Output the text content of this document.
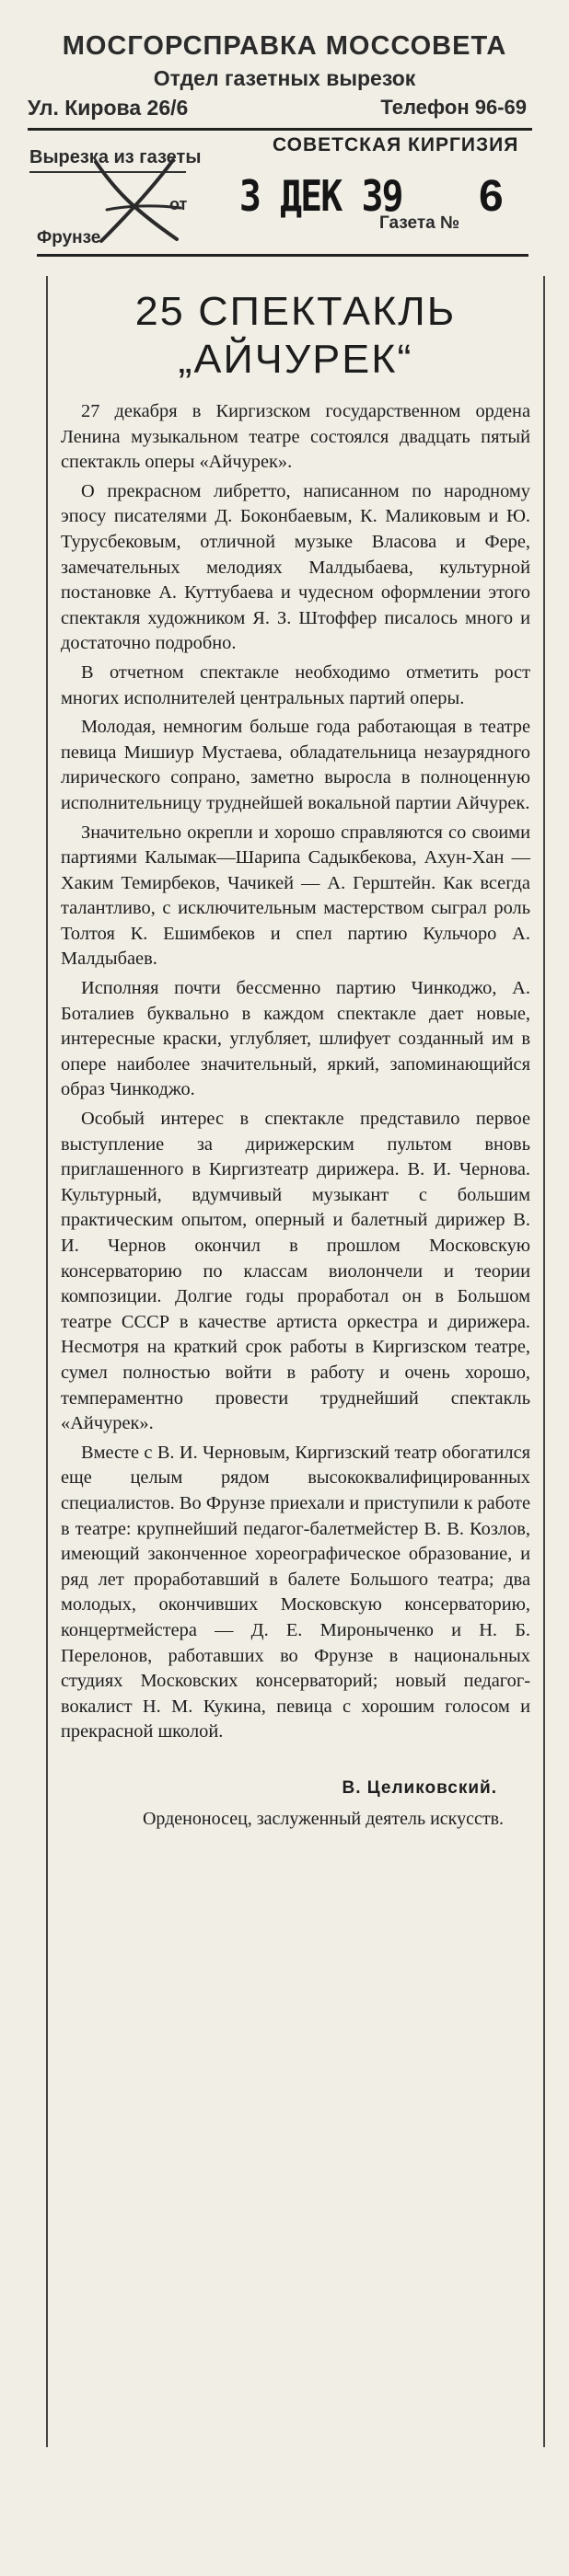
МОСГОРСПРАВКА МОССОВЕТА
Отдел газетных вырезок
Ул. Кирова 26/6	Телефон 96-69
Вырезка из газеты
СОВЕТСКАЯ КИРГИЗИЯ
от 3 ДЕК 39 6
Фрунзе
Газета №
25 СПЕКТАКЛЬ
„АЙЧУРЕК“

27 декабря в Киргизском государственном ордена Ленина музыкальном театре состоялся двадцать пятый спектакль оперы «Айчурек».

О прекрасном либретто, написанном по народному эпосу писателями Д. Боконбаевым, К. Маликовым и Ю. Турусбековым, отличной музыке Власова и Фере, замечательных мелодиях Малдыбаева, культурной постановке А. Куттубаева и чудесном оформлении этого спектакля художником Я. З. Штоффер писалось много и достаточно подробно.

В отчетном спектакле необходимо отметить рост многих исполнителей центральных партий оперы.

Молодая, немногим больше года работающая в театре певица Мишиур Мустаева, обладательница незаурядного лирического сопрано, заметно выросла в полноценную исполнительницу труднейшей вокальной партии Айчурек.

Значительно окрепли и хорошо справляются со своими партиями Калымак—Шарипа Садыкбекова, Ахун-Хан — Хаким Темирбеков, Чачикей — А. Герштейн. Как всегда талантливо, с исключительным мастерством сыграл роль Толтоя К. Ешимбеков и спел партию Кульчоро А. Малдыбаев.

Исполняя почти бессменно партию Чинкоджо, А. Боталиев буквально в каждом спектакле дает новые, интересные краски, углубляет, шлифует созданный им в опере наиболее значительный, яркий, запоминающийся образ Чинкоджо.

Особый интерес в спектакле представило первое выступление за дирижерским пультом вновь приглашенного в Киргизтеатр дирижера. В. И. Чернова. Культурный, вдумчивый музыкант с большим практическим опытом, оперный и балетный дирижер В. И. Чернов окончил в прошлом Московскую консерваторию по классам виолончели и теории композиции. Долгие годы проработал он в Большом театре СССР в качестве артиста оркестра и дирижера. Несмотря на краткий срок работы в Киргизском театре, сумел полностью войти в работу и очень хорошо, темпераментно провести труднейший спектакль «Айчурек».

Вместе с В. И. Черновым, Киргизский театр обогатился еще целым рядом высококвалифицированных специалистов. Во Фрунзе приехали и приступили к работе в театре: крупнейший педагог-балетмейстер В. В. Козлов, имеющий законченное хореографическое образование, и ряд лет проработавший в балете Большого театра; два молодых, окончивших Московскую консерваторию, концертмейстера — Д. Е. Мироныченко и Н. Б. Перелонов, работавших во Фрунзе в национальных студиях Московских консерваторий; новый педагог-вокалист Н. М. Кукина, певица с хорошим голосом и прекрасной школой.

В. Целиковский.
Орденоносец, заслуженный деятель искусств.
